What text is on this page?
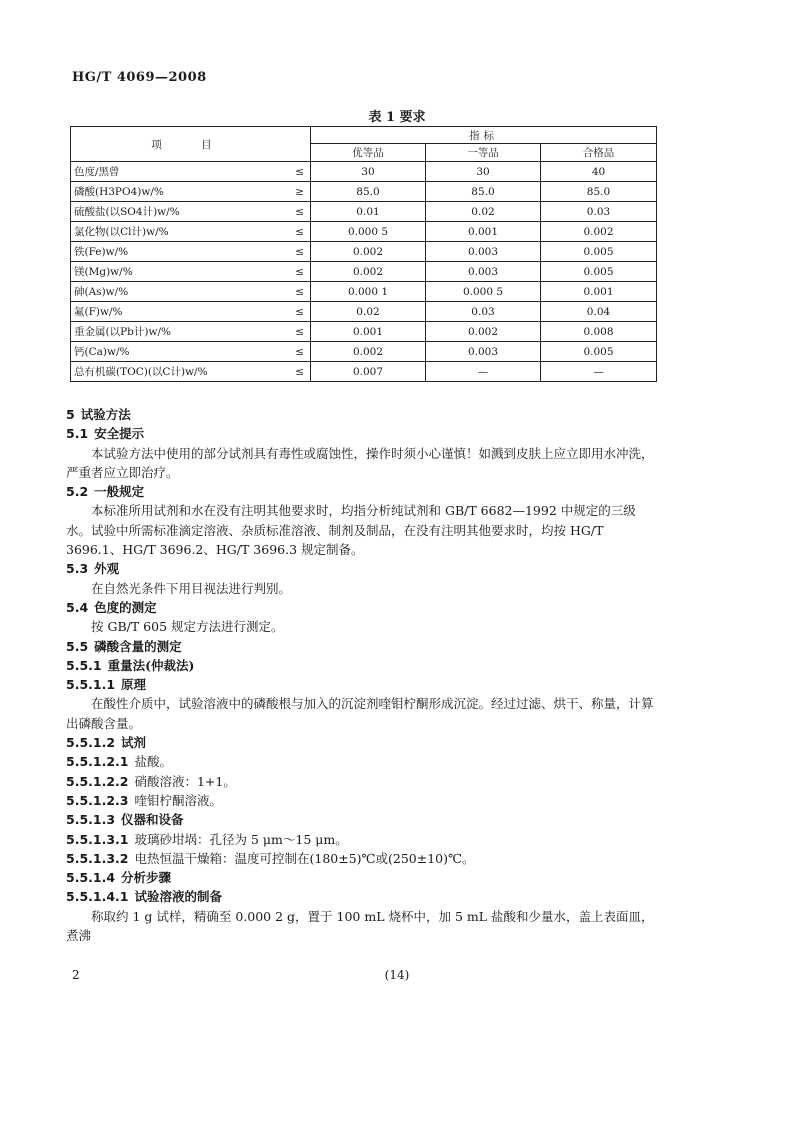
HG/T 4069—2008
表 1 要求
项 目		指标		
		优等品	一等品	合格品
色度/黑曾	≤	30	30	40
磷酸(H3PO4)w/%	≥	85.0	85.0	85.0
硫酸盐(以SO4计)w/%	≤	0.01	0.02	0.03
氯化物(以Cl计)w/%	≤	0.000 5	0.001	0.002
铁(Fe)w/%	≤	0.002	0.003	0.005
镁(Mg)w/%	≤	0.002	0.003	0.005
砷(As)w/%	≤	0.000 1	0.000 5	0.001
氟(F)w/%	≤	0.02	0.03	0.04
重金属(以Pb计)w/%	≤	0.001	0.002	0.008
钙(Ca)w/%	≤	0.002	0.003	0.005
总有机碳(TOC)(以C计)w/%	≤	0.007	—	—

5 试验方法

5.1 安全提示

本试验方法中使用的部分试剂具有毒性或腐蚀性，操作时须小心谨慎！如溅到皮肤上应立即用水冲洗，严重者应立即治疗。

5.2 一般规定

本标准所用试剂和水在没有注明其他要求时，均指分析纯试剂和 GB/T 6682—1992 中规定的三级水。试验中所需标准滴定溶液、杂质标准溶液、制剂及制品，在没有注明其他要求时，均按 HG/T 3696.1、HG/T 3696.2、HG/T 3696.3 规定制备。

5.3 外观

在自然光条件下用目视法进行判别。

5.4 色度的测定

按 GB/T 605 规定方法进行测定。

5.5 磷酸含量的测定

5.5.1 重量法(仲裁法)

5.5.1.1 原理

在酸性介质中，试验溶液中的磷酸根与加入的沉淀剂喹钼柠酮形成沉淀。经过过滤、烘干、称量，计算出磷酸含量。

5.5.1.2 试剂

5.5.1.2.1 盐酸。

5.5.1.2.2 硝酸溶液：1+1。

5.5.1.2.3 喹钼柠酮溶液。

5.5.1.3 仪器和设备

5.5.1.3.1 玻璃砂坩埚：孔径为 5 μm～15 μm。

5.5.1.3.2 电热恒温干燥箱：温度可控制在(180±5)℃或(250±10)℃。

5.5.1.4 分析步骤

5.5.1.4.1 试验溶液的制备

称取约 1 g 试样，精确至 0.000 2 g，置于 100 mL 烧杯中，加 5 mL 盐酸和少量水，盖上表面皿，煮沸

2	(14)
